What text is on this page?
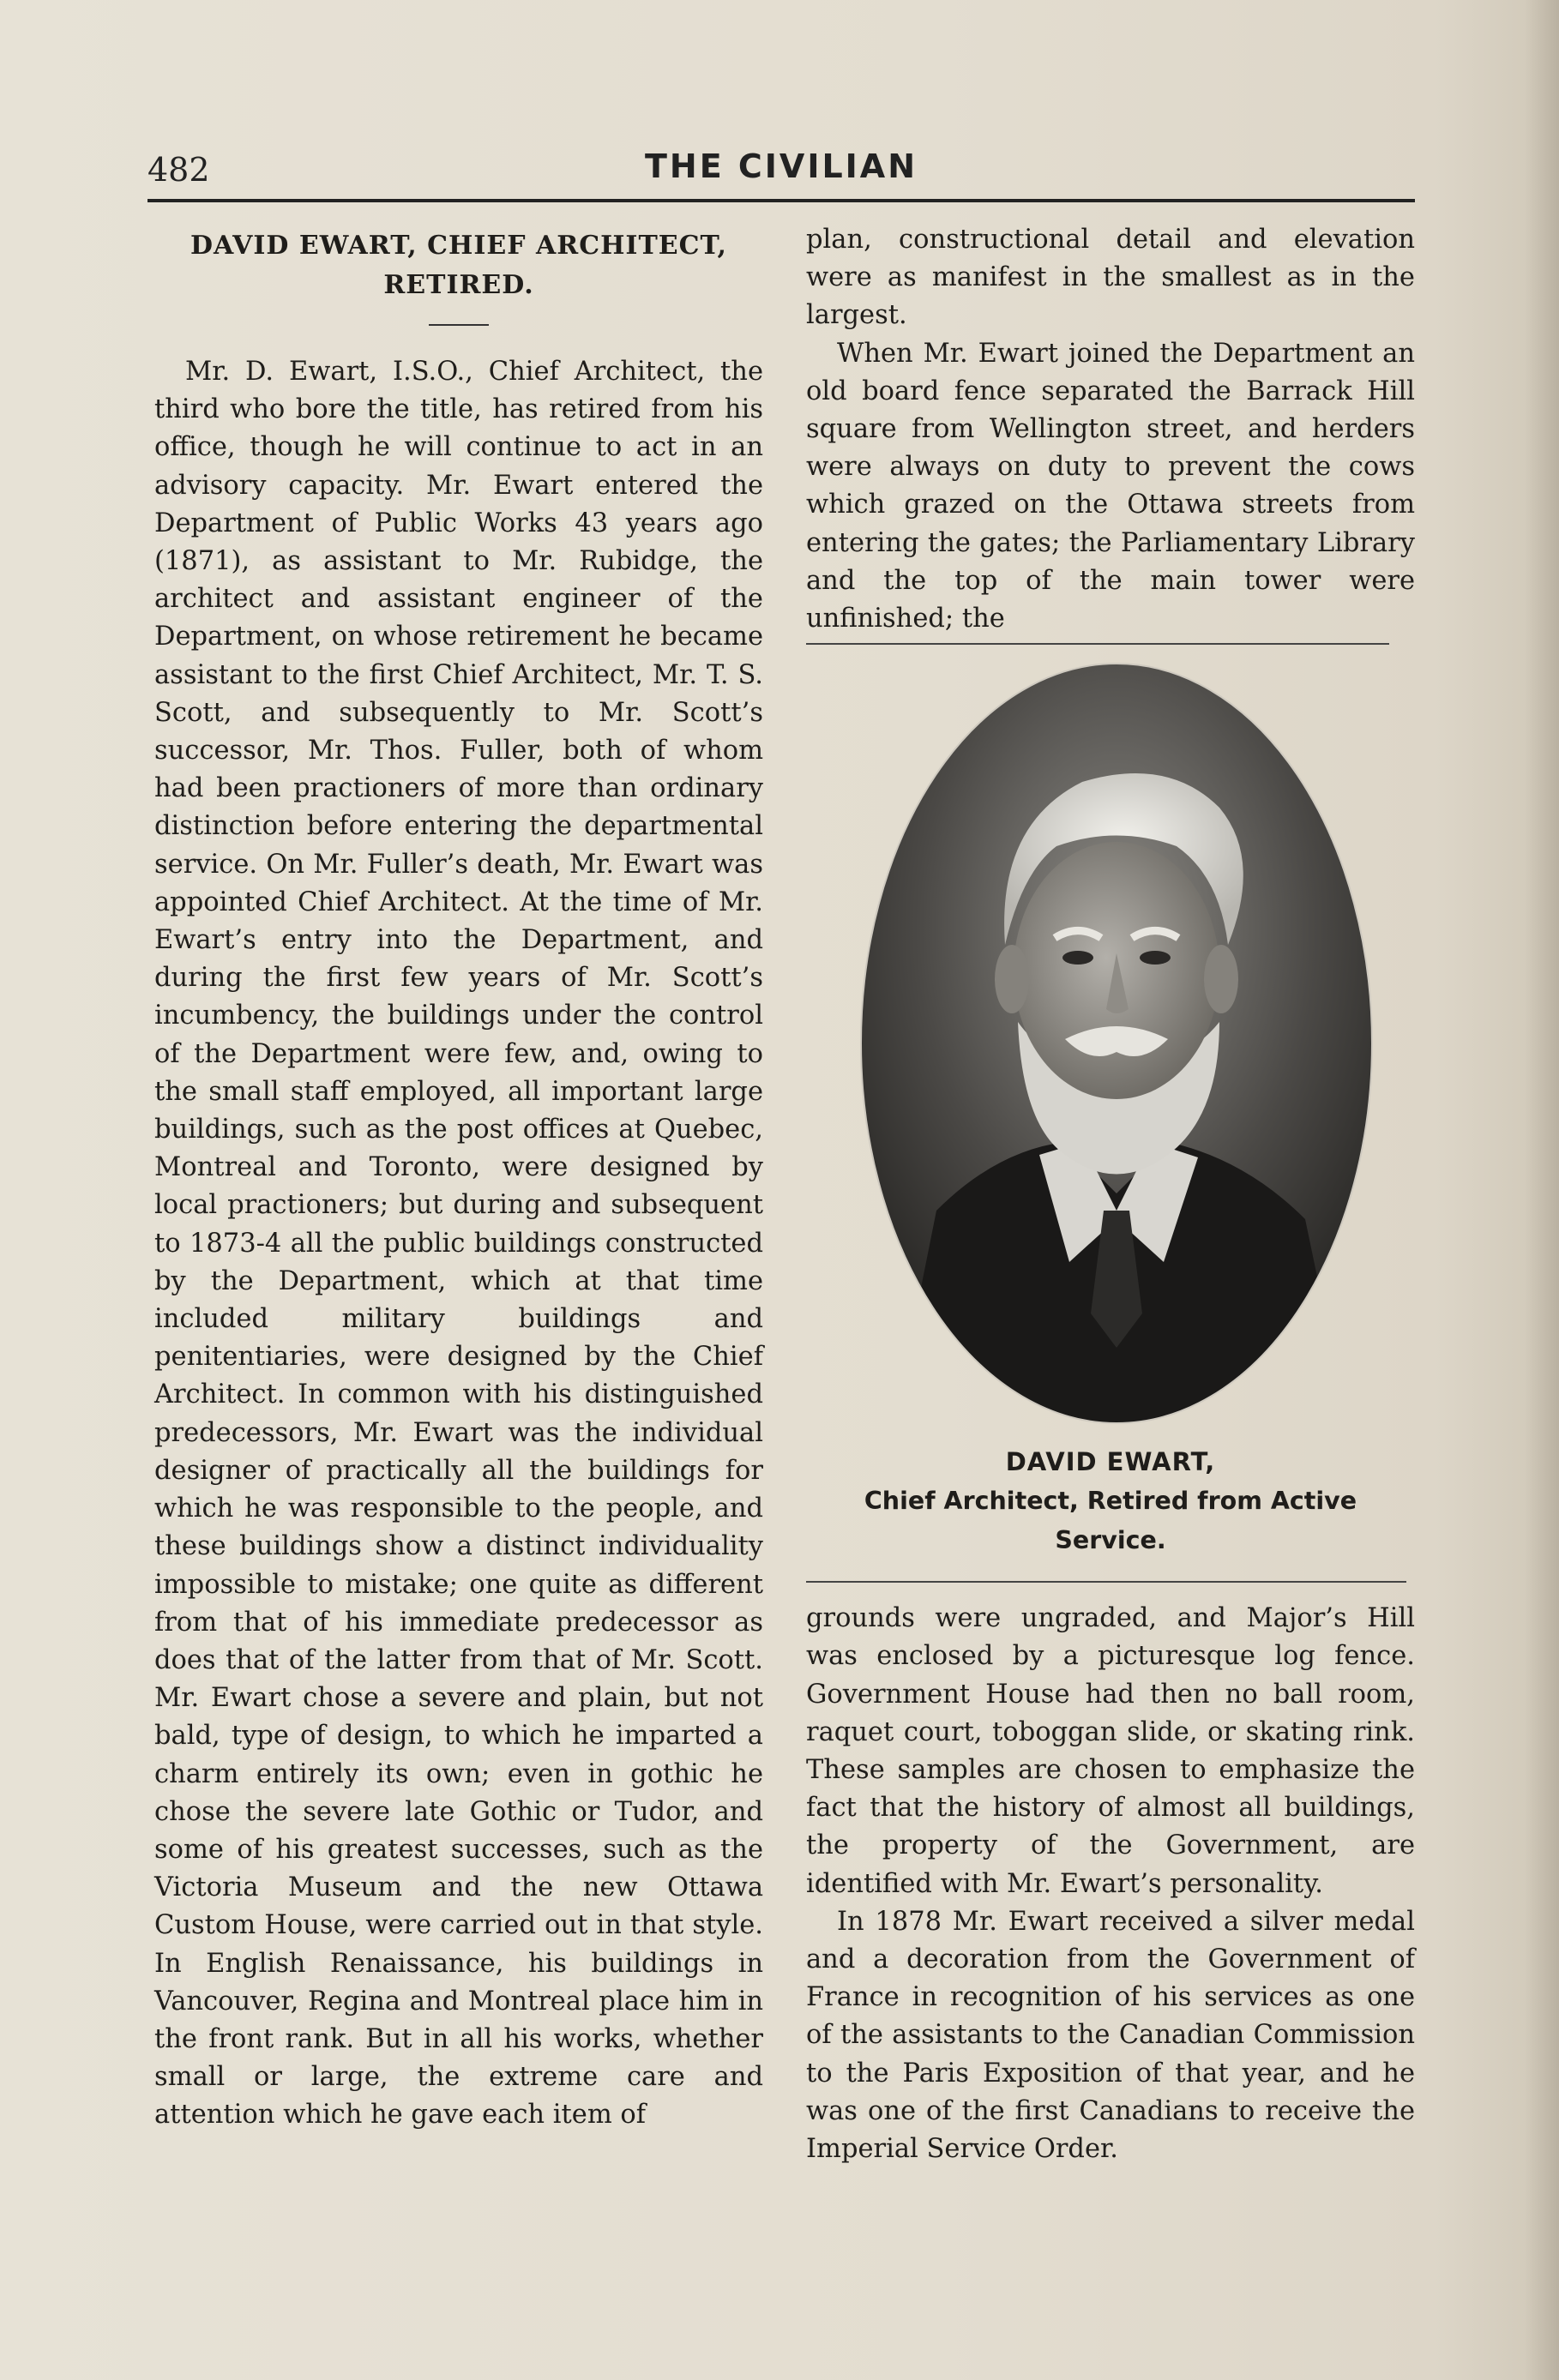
482	THE CIVILIAN
DAVID EWART, CHIEF ARCHITECT,
RETIRED.

Mr. D. Ewart, I.S.O., Chief Architect, the third who bore the title, has retired from his office, though he will continue to act in an advisory capacity. Mr. Ewart entered the Department of Public Works 43 years ago (1871), as assistant to Mr. Rubidge, the architect and assistant engineer of the Department, on whose retirement he became assistant to the first Chief Architect, Mr. T. S. Scott, and subsequently to Mr. Scott’s successor, Mr. Thos. Fuller, both of whom had been practioners of more than ordinary distinction before entering the departmental service. On Mr. Fuller’s death, Mr. Ewart was appointed Chief Architect. At the time of Mr. Ewart’s entry into the Department, and during the first few years of Mr. Scott’s incumbency, the buildings under the control of the Department were few, and, owing to the small staff employed, all important large buildings, such as the post offices at Quebec, Montreal and Toronto, were designed by local practioners; but during and subsequent to 1873-4 all the public buildings constructed by the Department, which at that time included military buildings and penitentiaries, were designed by the Chief Architect. In common with his distinguished predecessors, Mr. Ewart was the individual designer of practically all the buildings for which he was responsible to the people, and these buildings show a distinct individuality impossible to mistake; one quite as different from that of his immediate predecessor as does that of the latter from that of Mr. Scott. Mr. Ewart chose a severe and plain, but not bald, type of design, to which he imparted a charm entirely its own; even in gothic he chose the severe late Gothic or Tudor, and some of his greatest successes, such as the Victoria Museum and the new Ottawa Custom House, were carried out in that style. In English Renaissance, his buildings in Vancouver, Regina and Montreal place him in the front rank. But in all his works, whether small or large, the extreme care and attention which he gave each item of

plan, constructional detail and elevation were as manifest in the smallest as in the largest.

When Mr. Ewart joined the Department an old board fence separated the Barrack Hill square from Wellington street, and herders were always on duty to prevent the cows which grazed on the Ottawa streets from entering the gates; the Parliamentary Library and the top of the main tower were unfinished; the

DAVID EWART,

Chief Architect, Retired from Active Service.

grounds were ungraded, and Major’s Hill was enclosed by a picturesque log fence. Government House had then no ball room, raquet court, toboggan slide, or skating rink. These samples are chosen to emphasize the fact that the history of almost all buildings, the property of the Government, are identified with Mr. Ewart’s personality.

In 1878 Mr. Ewart received a silver medal and a decoration from the Government of France in recognition of his services as one of the assistants to the Canadian Commission to the Paris Exposition of that year, and he was one of the first Canadians to receive the Imperial Service Order.
